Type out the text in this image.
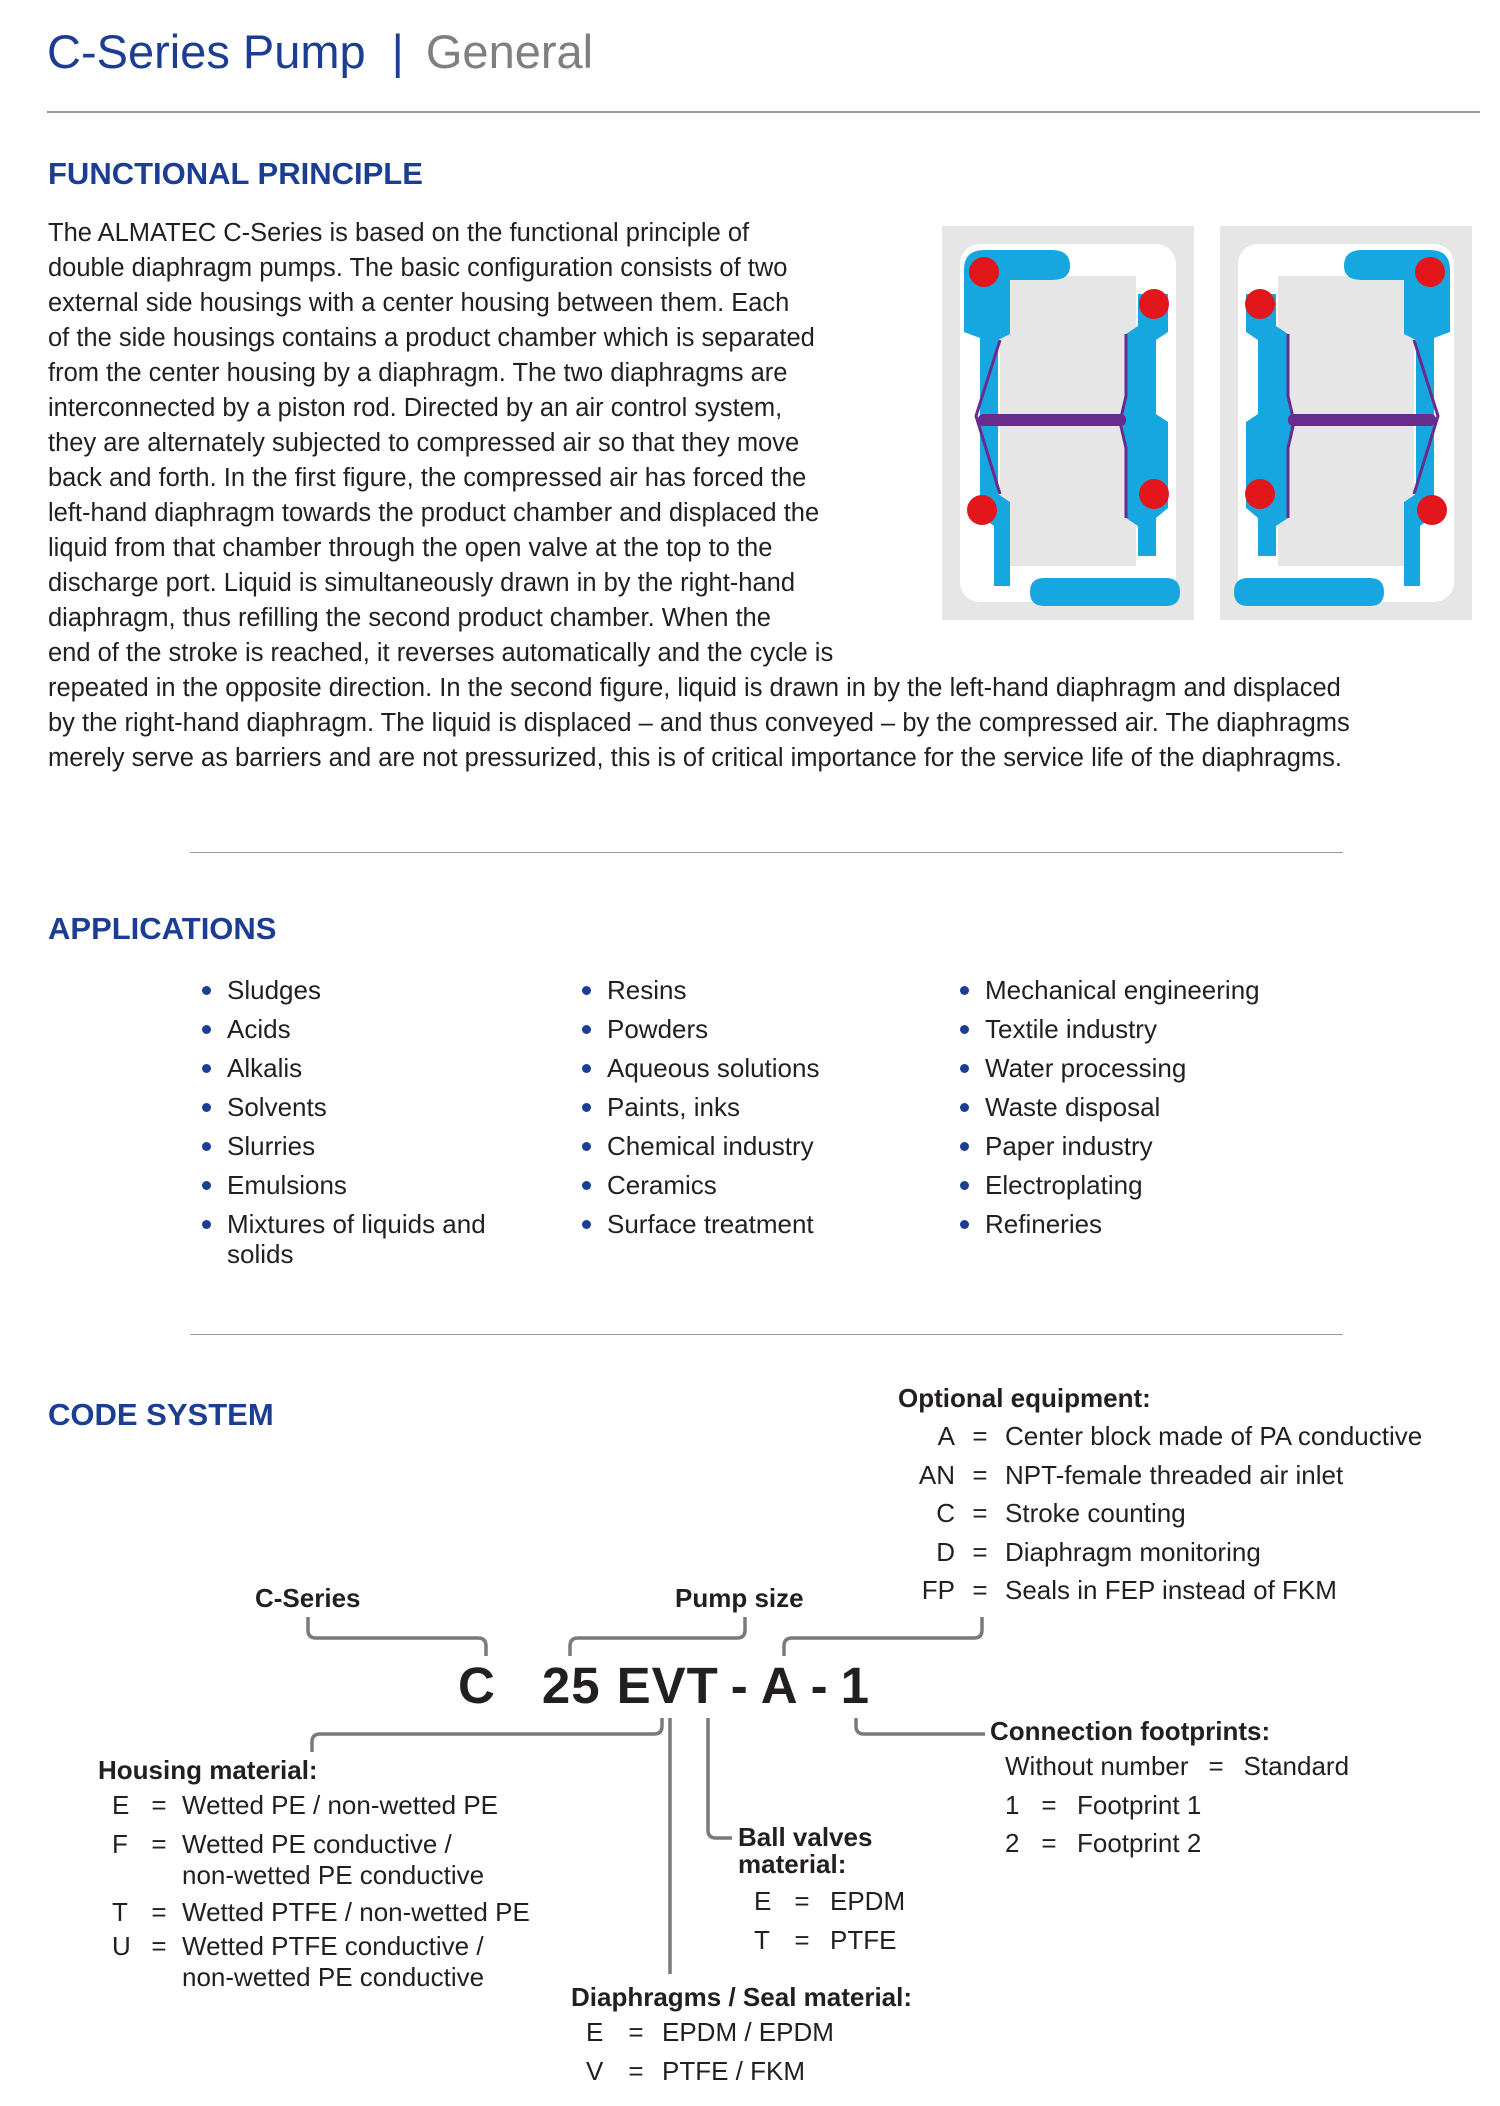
C-Series Pump | General
FUNCTIONAL PRINCIPLE
The ALMATEC C-Series is based on the functional principle of
double diaphragm pumps. The basic configuration consists of two
external side housings with a center housing between them. Each
of the side housings contains a product chamber which is separated
from the center housing by a diaphragm. The two diaphragms are
interconnected by a piston rod. Directed by an air control system,
they are alternately subjected to compressed air so that they move
back and forth. In the first figure, the compressed air has forced the
left-hand diaphragm towards the product chamber and displaced the
liquid from that chamber through the open valve at the top to the
discharge port. Liquid is simultaneously drawn in by the right-hand
diaphragm, thus refilling the second product chamber. When the
end of the stroke is reached, it reverses automatically and the cycle is
repeated in the opposite direction. In the second figure, liquid is drawn in by the left-hand diaphragm and displaced
by the right-hand diaphragm. The liquid is displaced – and thus conveyed – by the compressed air. The diaphragms
merely serve as barriers and are not pressurized, this is of critical importance for the service life of the diaphragms.
APPLICATIONS
Sludges
Acids
Alkalis
Solvents
Slurries
Emulsions
Mixtures of liquids and solids
Resins
Powders
Aqueous solutions
Paints, inks
Chemical industry
Ceramics
Surface treatment
Mechanical engineering
Textile industry
Water processing
Waste disposal
Paper industry
Electroplating
Refineries
CODE SYSTEM
C-Series	Pump size
C 25 EVT - A - 1
Optional equipment:
A = Center block made of PA conductive
AN = NPT-female threaded air inlet
C = Stroke counting
D = Diaphragm monitoring
FP = Seals in FEP instead of FKM
Connection footprints:
Without number = Standard
1 = Footprint 1
2 = Footprint 2
Housing material:
E = Wetted PE / non-wetted PE
F = Wetted PE conductive /
non-wetted PE conductive
T = Wetted PTFE / non-wetted PE
U = Wetted PTFE conductive /
non-wetted PE conductive
Ball valves
material:
E = EPDM
T = PTFE
Diaphragms / Seal material:
E = EPDM / EPDM
V = PTFE / FKM
